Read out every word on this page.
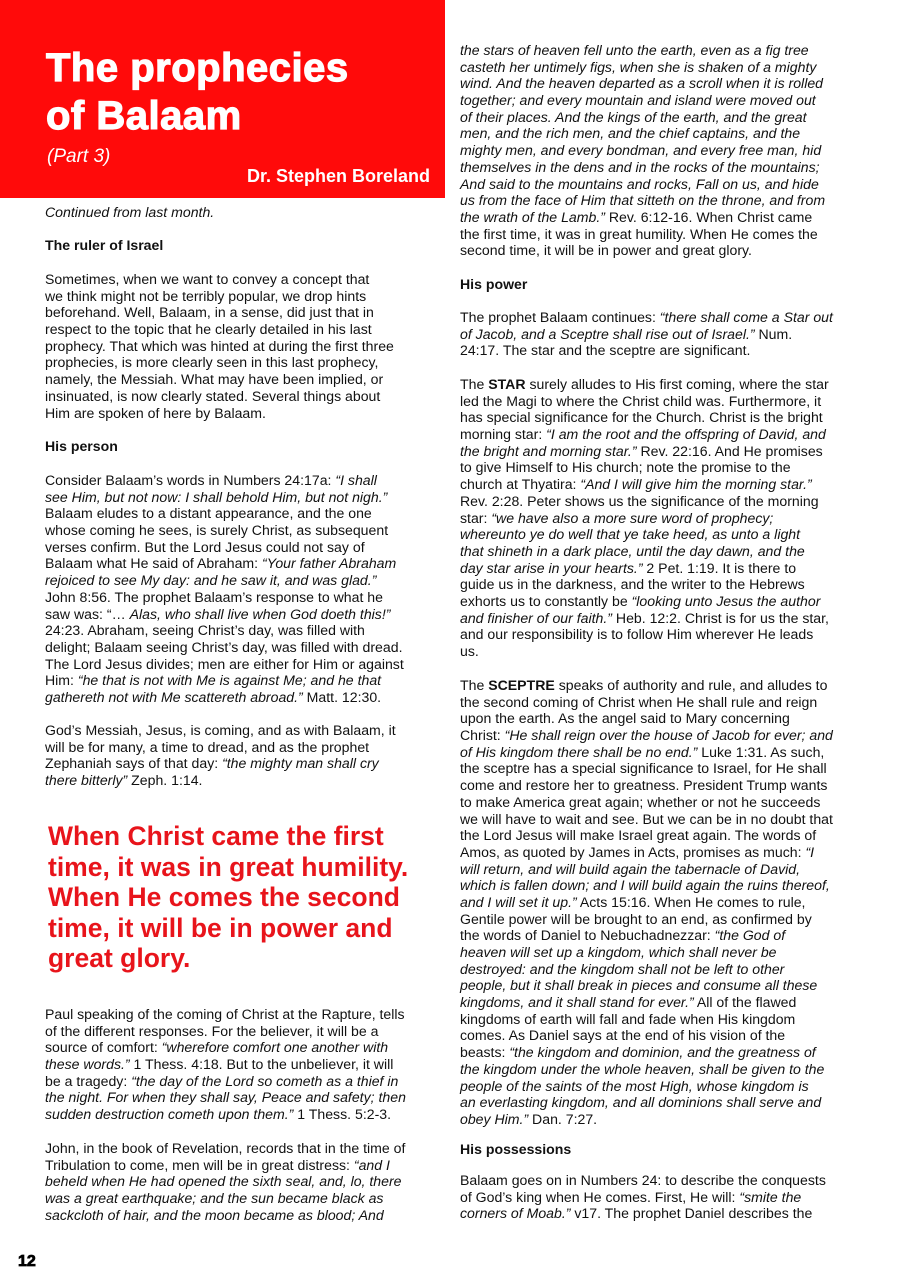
The prophecies
of Balaam
(Part 3)
Dr. Stephen Boreland
Continued from last month.
The ruler of Israel
Sometimes, when we want to convey a concept that
we think might not be terribly popular, we drop hints
beforehand. Well, Balaam, in a sense, did just that in
respect to the topic that he clearly detailed in his last
prophecy. That which was hinted at during the first three
prophecies, is more clearly seen in this last prophecy,
namely, the Messiah. What may have been implied, or
insinuated, is now clearly stated. Several things about
Him are spoken of here by Balaam.
His person
Consider Balaam’s words in Numbers 24:17a: “I shall
see Him, but not now: I shall behold Him, but not nigh.”
Balaam eludes to a distant appearance, and the one
whose coming he sees, is surely Christ, as subsequent
verses confirm. But the Lord Jesus could not say of
Balaam what He said of Abraham: “Your father Abraham
rejoiced to see My day: and he saw it, and was glad.”
John 8:56. The prophet Balaam’s response to what he
saw was: “… Alas, who shall live when God doeth this!”
24:23. Abraham, seeing Christ’s day, was filled with
delight; Balaam seeing Christ’s day, was filled with dread.
The Lord Jesus divides; men are either for Him or against
Him: “he that is not with Me is against Me; and he that
gathereth not with Me scattereth abroad.” Matt. 12:30.
God’s Messiah, Jesus, is coming, and as with Balaam, it
will be for many, a time to dread, and as the prophet
Zephaniah says of that day: “the mighty man shall cry
there bitterly” Zeph. 1:14.
When Christ came the first
time, it was in great humility.
When He comes the second
time, it will be in power and
great glory.
Paul speaking of the coming of Christ at the Rapture, tells
of the different responses. For the believer, it will be a
source of comfort: “wherefore comfort one another with
these words.” 1 Thess. 4:18. But to the unbeliever, it will
be a tragedy: “the day of the Lord so cometh as a thief in
the night. For when they shall say, Peace and safety; then
sudden destruction cometh upon them.” 1 Thess. 5:2-3.
John, in the book of Revelation, records that in the time of
Tribulation to come, men will be in great distress: “and I
beheld when He had opened the sixth seal, and, lo, there
was a great earthquake; and the sun became black as
sackcloth of hair, and the moon became as blood; And
the stars of heaven fell unto the earth, even as a fig tree
casteth her untimely figs, when she is shaken of a mighty
wind. And the heaven departed as a scroll when it is rolled
together; and every mountain and island were moved out
of their places. And the kings of the earth, and the great
men, and the rich men, and the chief captains, and the
mighty men, and every bondman, and every free man, hid
themselves in the dens and in the rocks of the mountains;
And said to the mountains and rocks, Fall on us, and hide
us from the face of Him that sitteth on the throne, and from
the wrath of the Lamb.” Rev. 6:12-16. When Christ came
the first time, it was in great humility. When He comes the
second time, it will be in power and great glory.
His power
The prophet Balaam continues: “there shall come a Star out
of Jacob, and a Sceptre shall rise out of Israel.” Num.
24:17. The star and the sceptre are significant.
The STAR surely alludes to His first coming, where the star
led the Magi to where the Christ child was. Furthermore, it
has special significance for the Church. Christ is the bright
morning star: “I am the root and the offspring of David, and
the bright and morning star.” Rev. 22:16. And He promises
to give Himself to His church; note the promise to the
church at Thyatira: “And I will give him the morning star.”
Rev. 2:28. Peter shows us the significance of the morning
star: “we have also a more sure word of prophecy;
whereunto ye do well that ye take heed, as unto a light
that shineth in a dark place, until the day dawn, and the
day star arise in your hearts.” 2 Pet. 1:19. It is there to
guide us in the darkness, and the writer to the Hebrews
exhorts us to constantly be “looking unto Jesus the author
and finisher of our faith.” Heb. 12:2. Christ is for us the star,
and our responsibility is to follow Him wherever He leads
us.
The SCEPTRE speaks of authority and rule, and alludes to
the second coming of Christ when He shall rule and reign
upon the earth. As the angel said to Mary concerning
Christ: “He shall reign over the house of Jacob for ever; and
of His kingdom there shall be no end.” Luke 1:31. As such,
the sceptre has a special significance to Israel, for He shall
come and restore her to greatness. President Trump wants
to make America great again; whether or not he succeeds
we will have to wait and see. But we can be in no doubt that
the Lord Jesus will make Israel great again. The words of
Amos, as quoted by James in Acts, promises as much: “I
will return, and will build again the tabernacle of David,
which is fallen down; and I will build again the ruins thereof,
and I will set it up.” Acts 15:16. When He comes to rule,
Gentile power will be brought to an end, as confirmed by
the words of Daniel to Nebuchadnezzar: “the God of
heaven will set up a kingdom, which shall never be
destroyed: and the kingdom shall not be left to other
people, but it shall break in pieces and consume all these
kingdoms, and it shall stand for ever.” All of the flawed
kingdoms of earth will fall and fade when His kingdom
comes. As Daniel says at the end of his vision of the
beasts: “the kingdom and dominion, and the greatness of
the kingdom under the whole heaven, shall be given to the
people of the saints of the most High, whose kingdom is
an everlasting kingdom, and all dominions shall serve and
obey Him.” Dan. 7:27.
His possessions
Balaam goes on in Numbers 24: to describe the conquests
of God’s king when He comes. First, He will: “smite the
corners of Moab.” v17. The prophet Daniel describes the
12
